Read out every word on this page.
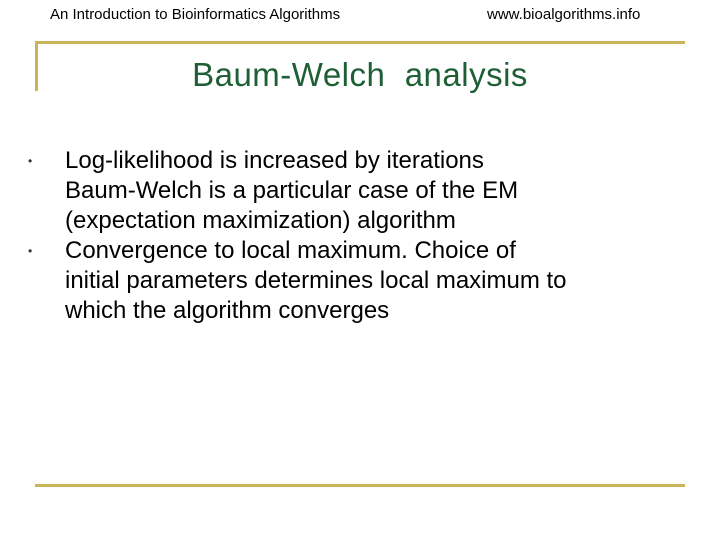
An Introduction to Bioinformatics Algorithms	www.bioalgorithms.info
Baum-Welch  analysis
• Log-likelihood is increased by iterations
Baum-Welch is a particular case of the EM
(expectation maximization) algorithm
• Convergence to local maximum. Choice of
initial parameters determines local maximum to
which the algorithm converges
